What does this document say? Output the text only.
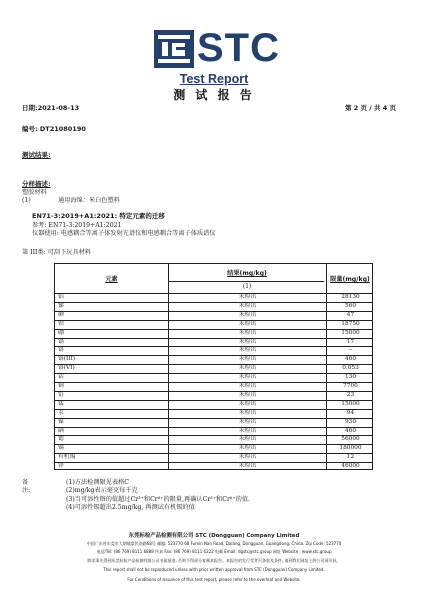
STC
Test Report
测 试 报 告
日期:2021-08-13	第 2 页 / 共 4 页
编号: DT21080190
测试结果:
分样描述:
塑胶材料
(1)	通用海绵：米白色塑料
EN71-3:2019+A1:2021: 特定元素的迁移
参考: EN71-3:2019+A1:2021
仪器使用: 电感耦合等离子体发射光谱仪和电感耦合等离子体质谱仪
第 III类: 可刮下玩具材料
元素
结果(mg/kg)
(1)
限量(mg/kg)
铝	未检出	28130
锑	未检出	560
砷	未检出	47
钡	未检出	18750
硼	未检出	15000
镉	未检出	17
铬	未检出	--
铬(III)	未检出	460
铬(VI)	未检出	0.053
钴	未检出	130
铜	未检出	7700
铅	未检出	23
锰	未检出	15000
汞	未检出	94
镍	未检出	930
硒	未检出	460
锶	未检出	56000
锡	未检出	180000
有机锡	未检出	12
锌	未检出	46000
备注:
(1)方法检测限见表格C
(2)mg/kg表示毫克每千克
(3)当可溶性铬的值超过Cr³⁺和Cr⁶⁺的限量,再确认Cr³⁺和Cr⁶⁺的值.
(4)可溶性锡超出2.5mg/kg, 再测试有机锡的值
东莞标检产品检测有限公司 STC (Dongguan) Company Limited
中国广东省东莞市大朗镇富民南路68号 邮编: 523770 68 Fumin Nan Road, Dalang, Dongguan, Guangdong, China. Zip Code: 523770
电话/Tel: (86 769) 8111 6888 传真 Fax: (86 769) 8111 6222 电邮 Email: dgstc@stc.group 网址 Website : www.stc.group
除非事先得到东莞标检产品检测有限公司书面批准, 否则不得部分复制本报告。本报告的发行受背页条款及条件, 请到我们网址上的公司网页获。
This report shall not be reproduced unless with prior written approval from STC (Dongguan) Company Limited.
For Conditions of Issuance of this test report, please refer to the overleaf and Website.
